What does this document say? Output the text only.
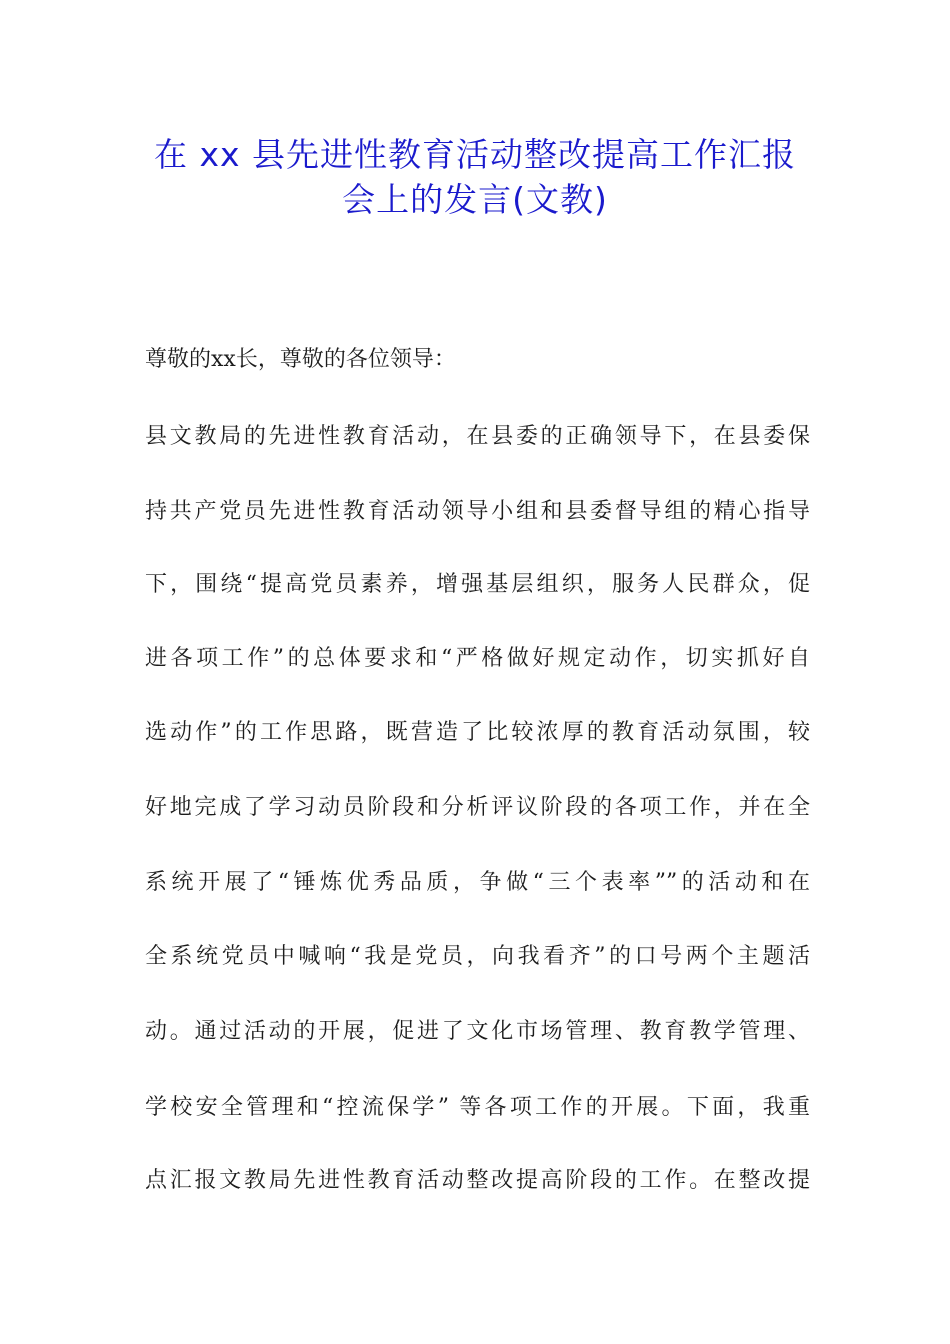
在 xx 县先进性教育活动整改提高工作汇报
会上的发言(文教)
尊敬的xx长，尊敬的各位领导：
县文教局的先进性教育活动，在县委的正确领导下，在县委保
持共产党员先进性教育活动领导小组和县委督导组的精心指导
下，围绕“提高党员素养，增强基层组织，服务人民群众，促
进各项工作”的总体要求和“严格做好规定动作，切实抓好自
选动作”的工作思路，既营造了比较浓厚的教育活动氛围，较
好地完成了学习动员阶段和分析评议阶段的各项工作，并在全
系统开展了“锤炼优秀品质，争做“三个表率””的活动和在
全系统党员中喊响“我是党员，向我看齐”的口号两个主题活
动。通过活动的开展，促进了文化市场管理、教育教学管理、
学校安全管理和“控流保学” 等各项工作的开展。下面，我重
点汇报文教局先进性教育活动整改提高阶段的工作。在整改提
